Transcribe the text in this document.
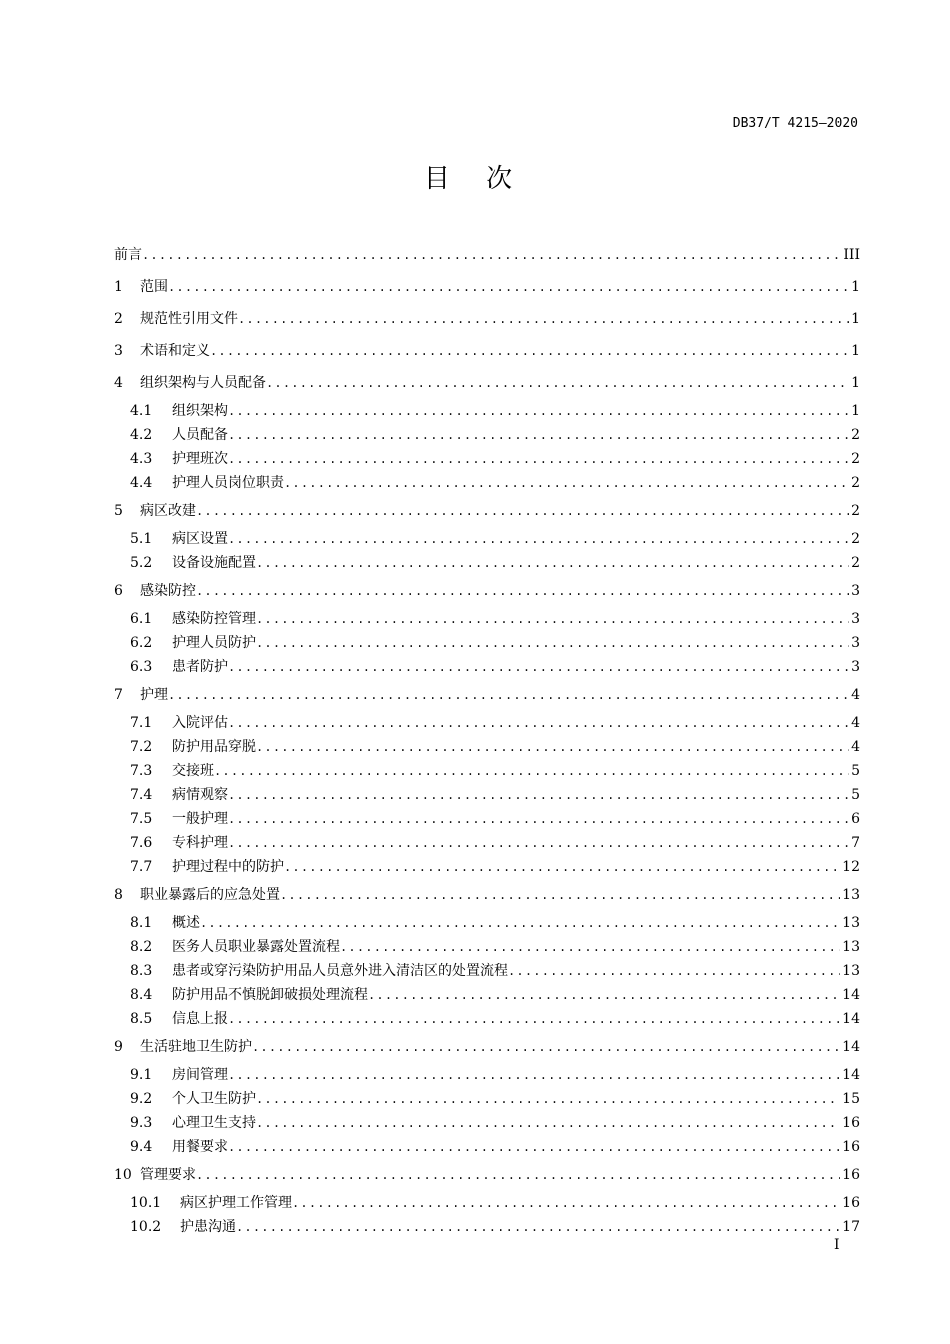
DB37/T 4215—2020
目 次
前言 .....	III
1	范围 .....	1
2	规范性引用文件 .....	1
3	术语和定义 .....	1
4	组织架构与人员配备 .....	1
4.1	组织架构 .....	1
4.2	人员配备 .....	2
4.3	护理班次 .....	2
4.4	护理人员岗位职责 .....	2
5	病区改建 .....	2
5.1	病区设置 .....	2
5.2	设备设施配置 .....	2
6	感染防控 .....	3
6.1	感染防控管理 .....	3
6.2	护理人员防护 .....	3
6.3	患者防护 .....	3
7	护理 .....	4
7.1	入院评估 .....	4
7.2	防护用品穿脱 .....	4
7.3	交接班 .....	5
7.4	病情观察 .....	5
7.5	一般护理 .....	6
7.6	专科护理 .....	7
7.7	护理过程中的防护 .....	12
8	职业暴露后的应急处置 .....	13
8.1	概述 .....	13
8.2	医务人员职业暴露处置流程 .....	13
8.3	患者或穿污染防护用品人员意外进入清洁区的处置流程 .....	13
8.4	防护用品不慎脱卸破损处理流程 .....	14
8.5	信息上报 .....	14
9	生活驻地卫生防护 .....	14
9.1	房间管理 .....	14
9.2	个人卫生防护 .....	15
9.3	心理卫生支持 .....	16
9.4	用餐要求 .....	16
10 管理要求 .....	16
10.1	病区护理工作管理 .....	16
10.2	护患沟通 .....	17
I
